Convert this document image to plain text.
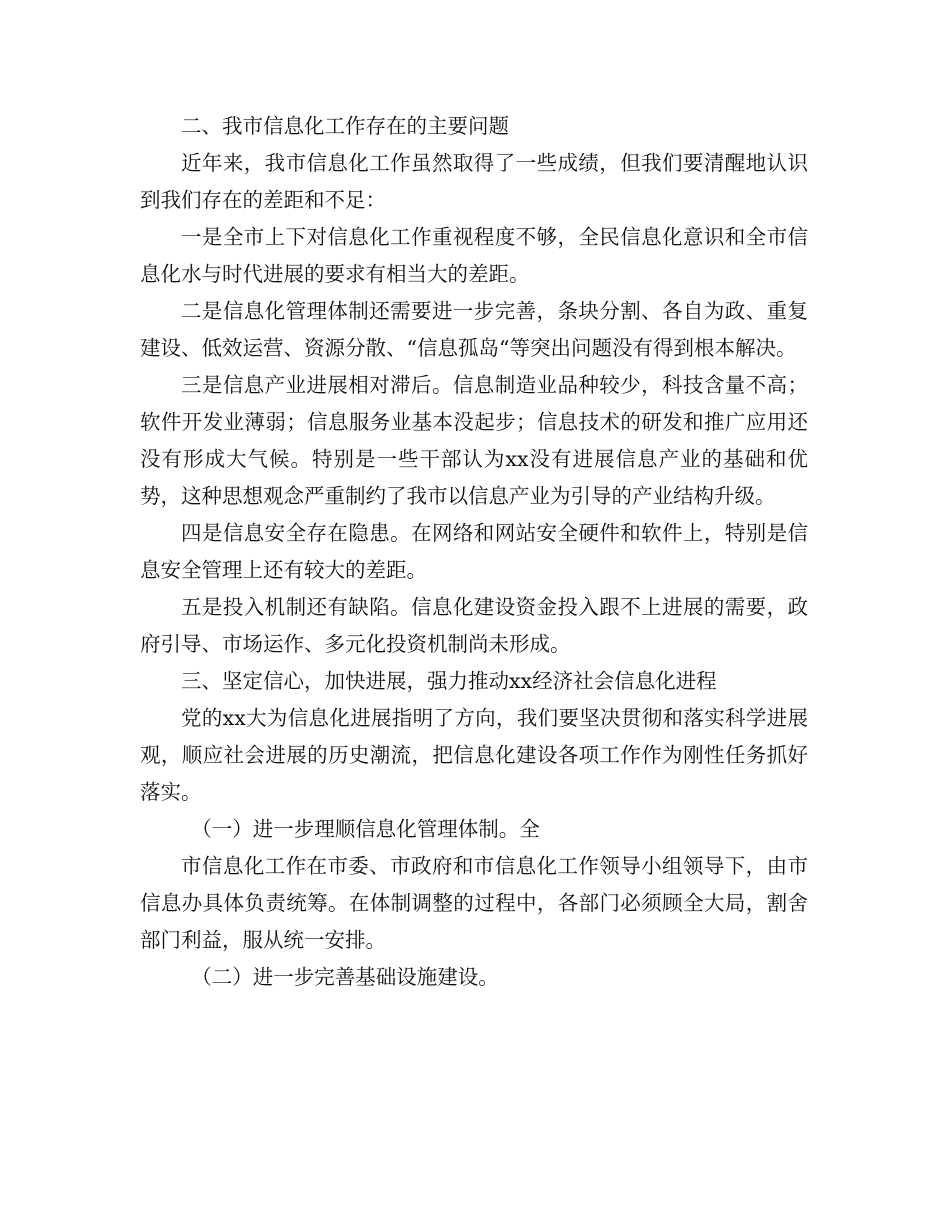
二、我市信息化工作存在的主要问题

近年来，我市信息化工作虽然取得了一些成绩，但我们要清醒地认识到我们存在的差距和不足：

一是全市上下对信息化工作重视程度不够，全民信息化意识和全市信息化水与时代进展的要求有相当大的差距。

二是信息化管理体制还需要进一步完善，条块分割、各自为政、重复建设、低效运营、资源分散、“信息孤岛“等突出问题没有得到根本解决。

三是信息产业进展相对滞后。信息制造业品种较少，科技含量不高；软件开发业薄弱；信息服务业基本没起步；信息技术的研发和推广应用还没有形成大气候。特别是一些干部认为xx没有进展信息产业的基础和优势，这种思想观念严重制约了我市以信息产业为引导的产业结构升级。

四是信息安全存在隐患。在网络和网站安全硬件和软件上，特别是信息安全管理上还有较大的差距。

五是投入机制还有缺陷。信息化建设资金投入跟不上进展的需要，政府引导、市场运作、多元化投资机制尚未形成。

三、坚定信心，加快进展，强力推动xx经济社会信息化进程

党的xx大为信息化进展指明了方向，我们要坚决贯彻和落实科学进展观，顺应社会进展的历史潮流，把信息化建设各项工作作为刚性任务抓好落实。

（一）进一步理顺信息化管理体制。全

市信息化工作在市委、市政府和市信息化工作领导小组领导下，由市信息办具体负责统筹。在体制调整的过程中，各部门必须顾全大局，割舍部门利益，服从统一安排。

（二）进一步完善基础设施建设。
